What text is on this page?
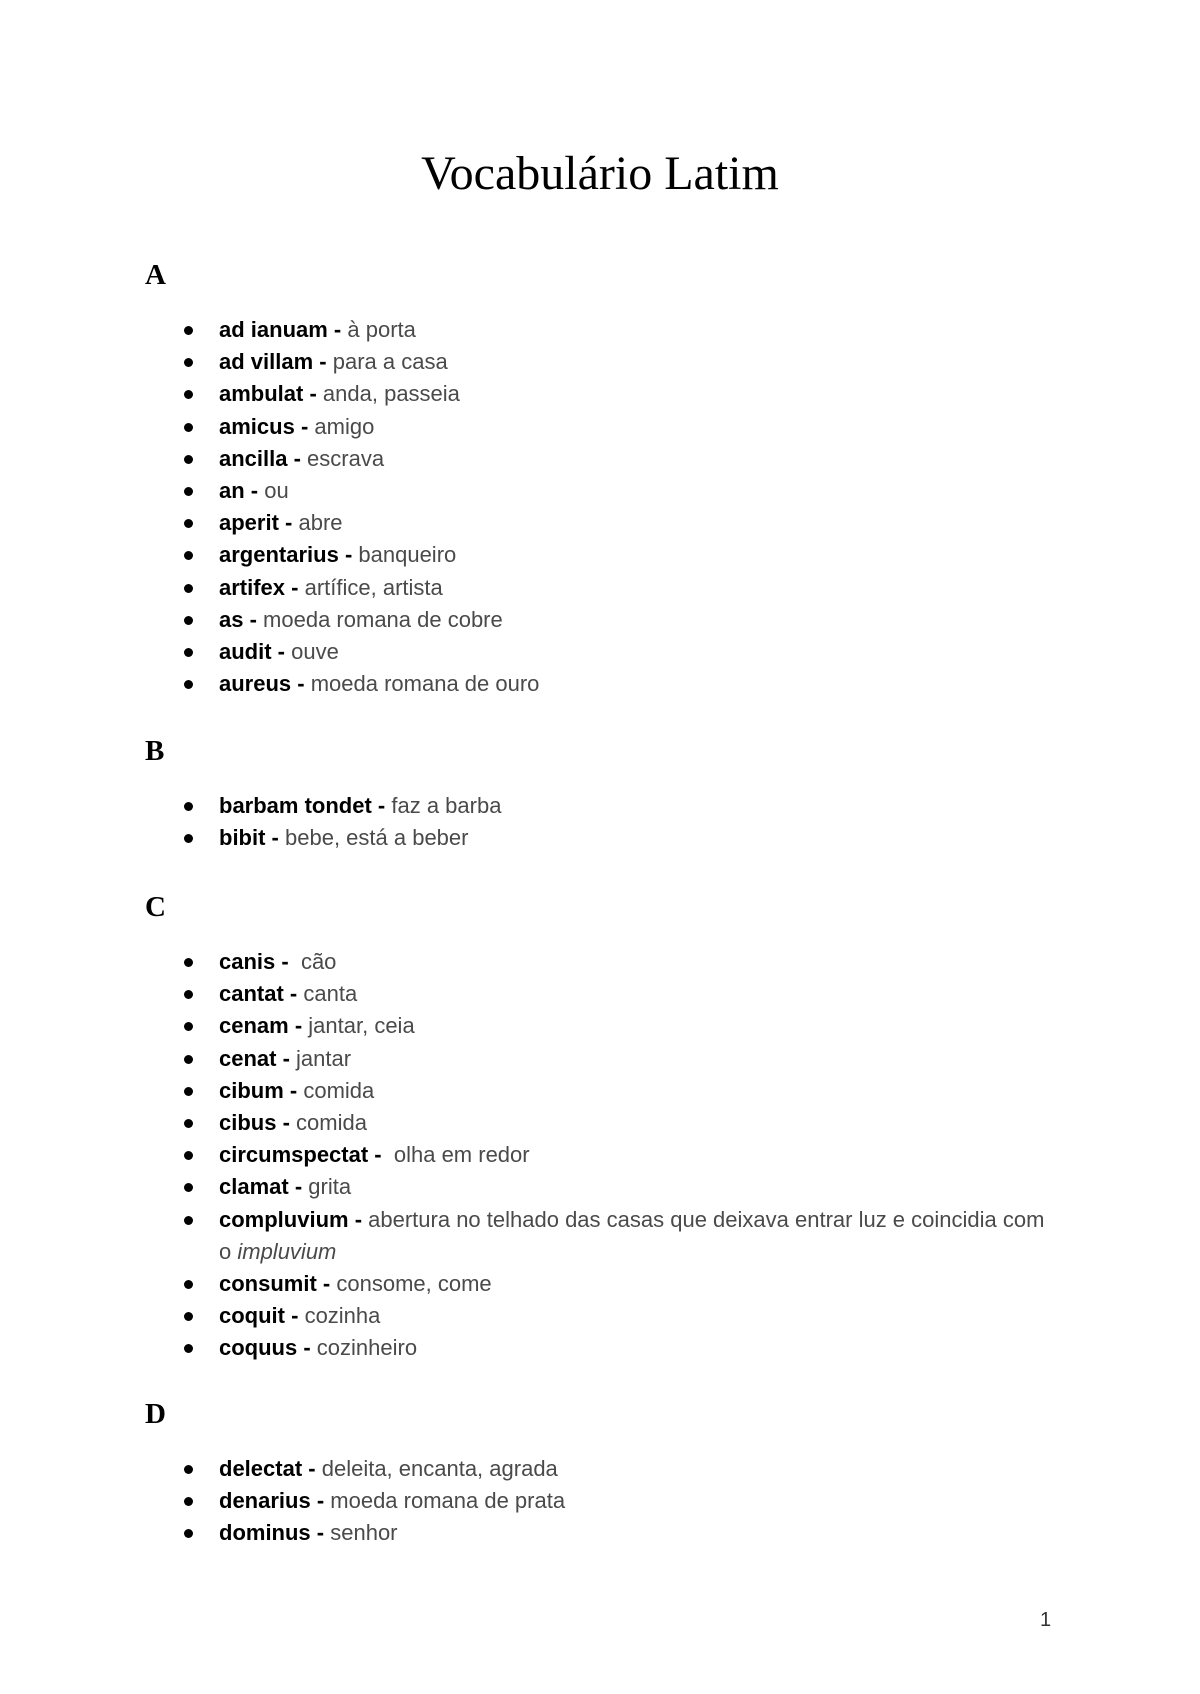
Vocabulário Latim
A
ad ianuam - à porta
ad villam - para a casa
ambulat - anda, passeia
amicus - amigo
ancilla - escrava
an - ou
aperit - abre
argentarius - banqueiro
artifex - artífice, artista
as - moeda romana de cobre
audit - ouve
aureus - moeda romana de ouro
B
barbam tondet - faz a barba
bibit - bebe, está a beber
C
canis -  cão
cantat - canta
cenam - jantar, ceia
cenat - jantar
cibum - comida
cibus - comida
circumspectat -  olha em redor
clamat - grita
compluvium - abertura no telhado das casas que deixava entrar luz e coincidia com o impluvium
consumit - consome, come
coquit - cozinha
coquus - cozinheiro
D
delectat - deleita, encanta, agrada
denarius - moeda romana de prata
dominus - senhor
1
